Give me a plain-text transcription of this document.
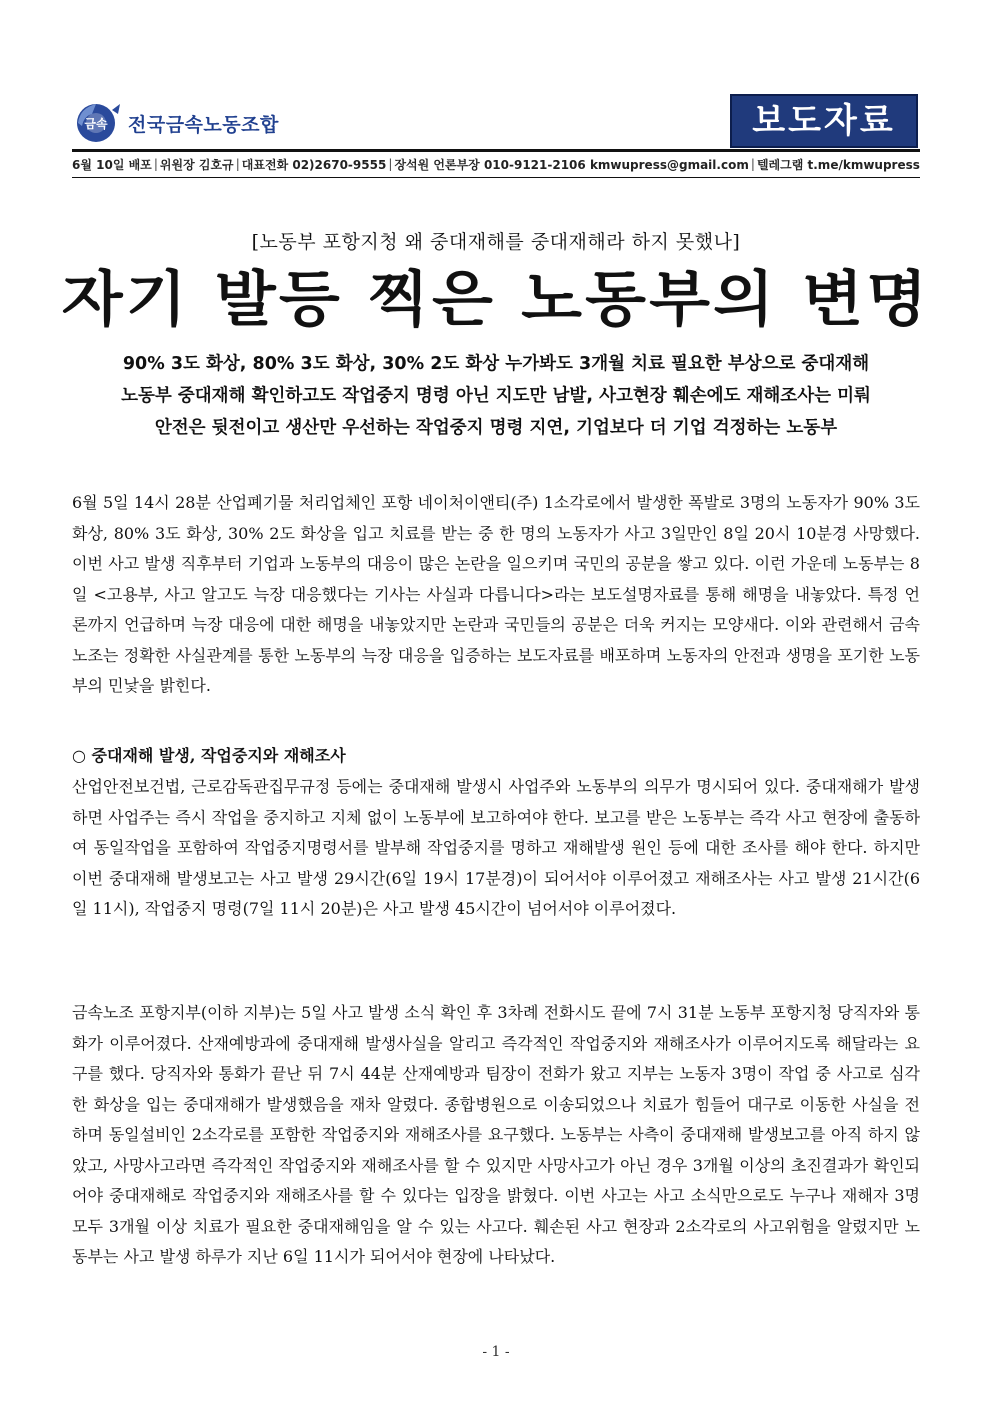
금속 전국금속노동조합	보도자료
6월 10일 배포 | 위원장 김호규 | 대표전화 02)2670-9555 | 장석원 언론부장 010-9121-2106 kmwupress@gmail.com | 텔레그램 t.me/kmwupress
[노동부 포항지청 왜 중대재해를 중대재해라 하지 못했나]
자기 발등 찍은 노동부의 변명
90% 3도 화상, 80% 3도 화상, 30% 2도 화상 누가봐도 3개월 치료 필요한 부상으로 중대재해
노동부 중대재해 확인하고도 작업중지 명령 아닌 지도만 남발, 사고현장 훼손에도 재해조사는 미뤄
안전은 뒷전이고 생산만 우선하는 작업중지 명령 지연, 기업보다 더 기업 걱정하는 노동부
6월 5일 14시 28분 산업폐기물 처리업체인 포항 네이처이앤티(주) 1소각로에서 발생한 폭발로 3명의 노동자가 90% 3도 화상, 80% 3도 화상, 30% 2도 화상을 입고 치료를 받는 중 한 명의 노동자가 사고 3일만인 8일 20시 10분경 사망했다. 이번 사고 발생 직후부터 기업과 노동부의 대응이 많은 논란을 일으키며 국민의 공분을 쌓고 있다. 이런 가운데 노동부는 8일 <고용부, 사고 알고도 늑장 대응했다는 기사는 사실과 다릅니다>라는 보도설명자료를 통해 해명을 내놓았다. 특정 언론까지 언급하며 늑장 대응에 대한 해명을 내놓았지만 논란과 국민들의 공분은 더욱 커지는 모양새다. 이와 관련해서 금속노조는 정확한 사실관계를 통한 노동부의 늑장 대응을 입증하는 보도자료를 배포하며 노동자의 안전과 생명을 포기한 노동부의 민낯을 밝힌다.
○ 중대재해 발생, 작업중지와 재해조사
산업안전보건법, 근로감독관집무규정 등에는 중대재해 발생시 사업주와 노동부의 의무가 명시되어 있다. 중대재해가 발생하면 사업주는 즉시 작업을 중지하고 지체 없이 노동부에 보고하여야 한다. 보고를 받은 노동부는 즉각 사고 현장에 출동하여 동일작업을 포함하여 작업중지명령서를 발부해 작업중지를 명하고 재해발생 원인 등에 대한 조사를 해야 한다. 하지만 이번 중대재해 발생보고는 사고 발생 29시간(6일 19시 17분경)이 되어서야 이루어졌고 재해조사는 사고 발생 21시간(6일 11시), 작업중지 명령(7일 11시 20분)은 사고 발생 45시간이 넘어서야 이루어졌다.
금속노조 포항지부(이하 지부)는 5일 사고 발생 소식 확인 후 3차례 전화시도 끝에 7시 31분 노동부 포항지청 당직자와 통화가 이루어졌다. 산재예방과에 중대재해 발생사실을 알리고 즉각적인 작업중지와 재해조사가 이루어지도록 해달라는 요구를 했다. 당직자와 통화가 끝난 뒤 7시 44분 산재예방과 팀장이 전화가 왔고 지부는 노동자 3명이 작업 중 사고로 심각한 화상을 입는 중대재해가 발생했음을 재차 알렸다. 종합병원으로 이송되었으나 치료가 힘들어 대구로 이동한 사실을 전하며 동일설비인 2소각로를 포함한 작업중지와 재해조사를 요구했다. 노동부는 사측이 중대재해 발생보고를 아직 하지 않았고, 사망사고라면 즉각적인 작업중지와 재해조사를 할 수 있지만 사망사고가 아닌 경우 3개월 이상의 초진결과가 확인되어야 중대재해로 작업중지와 재해조사를 할 수 있다는 입장을 밝혔다. 이번 사고는 사고 소식만으로도 누구나 재해자 3명 모두 3개월 이상 치료가 필요한 중대재해임을 알 수 있는 사고다. 훼손된 사고 현장과 2소각로의 사고위험을 알렸지만 노동부는 사고 발생 하루가 지난 6일 11시가 되어서야 현장에 나타났다.
- 1 -
